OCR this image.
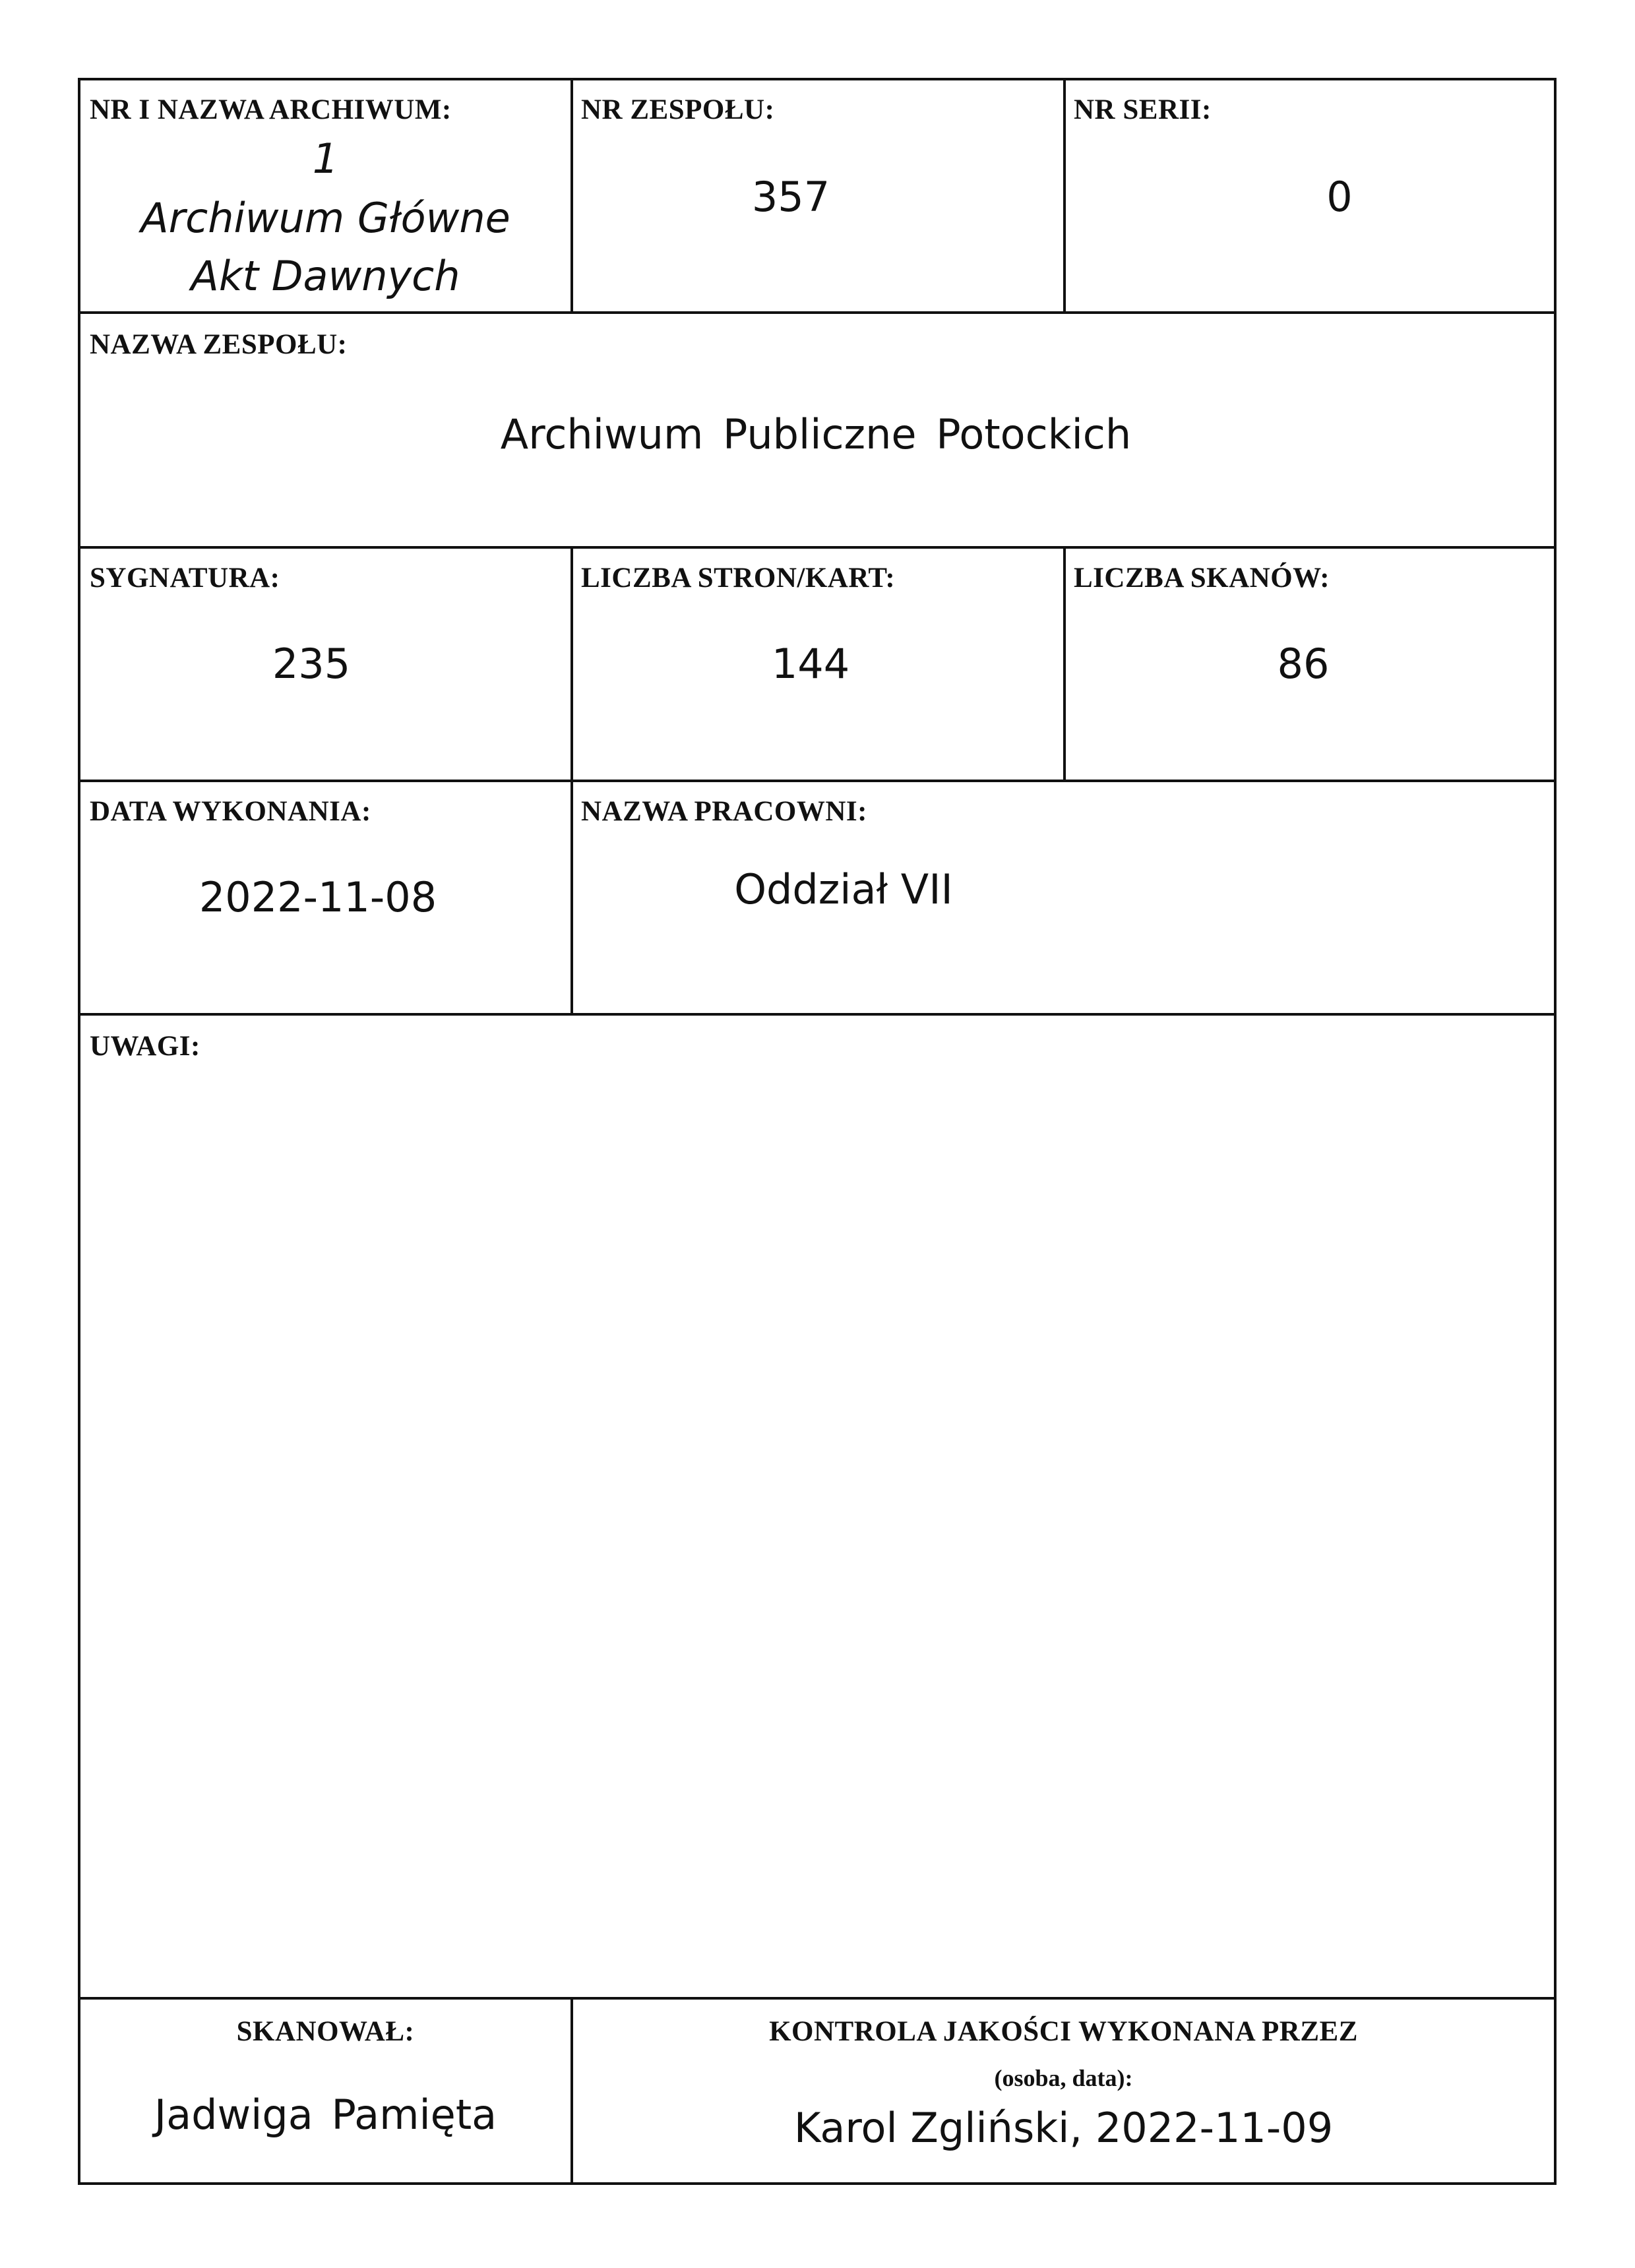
NR I NAZWA ARCHIWUM:
1
Archiwum Główne
Akt Dawnych
NR ZESPOŁU:
357
NR SERII:
0
NAZWA ZESPOŁU:
Archiwum Publiczne Potockich
SYGNATURA:
235
LICZBA STRON/KART:
144
LICZBA SKANÓW:
86
DATA WYKONANIA:
2022-11-08
NAZWA PRACOWNI:
Oddział VII
UWAGI:
SKANOWAŁ:
Jadwiga Pamięta
KONTROLA JAKOŚCI WYKONANA PRZEZ
(osoba, data):
Karol Zgliński, 2022-11-09
